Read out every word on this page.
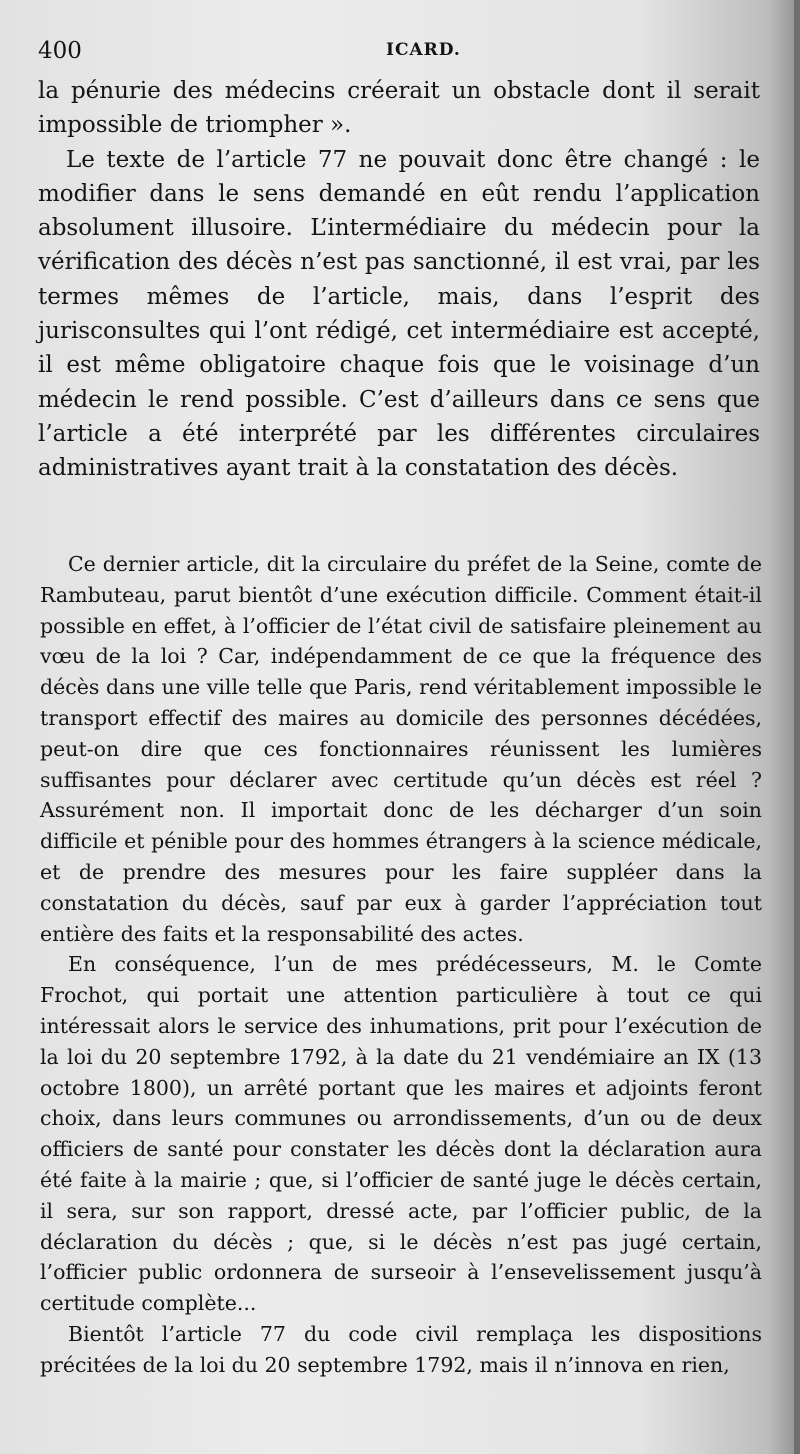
400	ICARD.

la pénurie des médecins créerait un obstacle dont il serait impossible de triompher ».

Le texte de l’article 77 ne pouvait donc être changé : le modifier dans le sens demandé en eût rendu l’application absolument illusoire. L’intermédiaire du médecin pour la vérification des décès n’est pas sanctionné, il est vrai, par les termes mêmes de l’article, mais, dans l’esprit des jurisconsultes qui l’ont rédigé, cet intermédiaire est accepté, il est même obligatoire chaque fois que le voisinage d’un médecin le rend possible. C’est d’ailleurs dans ce sens que l’article a été interprété par les différentes circulaires administratives ayant trait à la constatation des décès.

Ce dernier article, dit la circulaire du préfet de la Seine, comte de Rambuteau, parut bientôt d’une exécution difficile. Comment était-il possible en effet, à l’officier de l’état civil de satisfaire pleinement au vœu de la loi ? Car, indépendamment de ce que la fréquence des décès dans une ville telle que Paris, rend véritablement impossible le transport effectif des maires au domicile des personnes décédées, peut-on dire que ces fonctionnaires réunissent les lumières suffisantes pour déclarer avec certitude qu’un décès est réel ? Assurément non. Il importait donc de les décharger d’un soin difficile et pénible pour des hommes étrangers à la science médicale, et de prendre des mesures pour les faire suppléer dans la constatation du décès, sauf par eux à garder l’appréciation tout entière des faits et la responsabilité des actes.

En conséquence, l’un de mes prédécesseurs, M. le Comte Frochot, qui portait une attention particulière à tout ce qui intéressait alors le service des inhumations, prit pour l’exécution de la loi du 20 septembre 1792, à la date du 21 vendémiaire an IX (13 octobre 1800), un arrêté portant que les maires et adjoints feront choix, dans leurs communes ou arrondissements, d’un ou de deux officiers de santé pour constater les décès dont la déclaration aura été faite à la mairie ; que, si l’officier de santé juge le décès certain, il sera, sur son rapport, dressé acte, par l’officier public, de la déclaration du décès ; que, si le décès n’est pas jugé certain, l’officier public ordonnera de surseoir à l’ensevelissement jusqu’à certitude complète...

Bientôt l’article 77 du code civil remplaça les dispositions précitées de la loi du 20 septembre 1792, mais il n’innova en rien,
